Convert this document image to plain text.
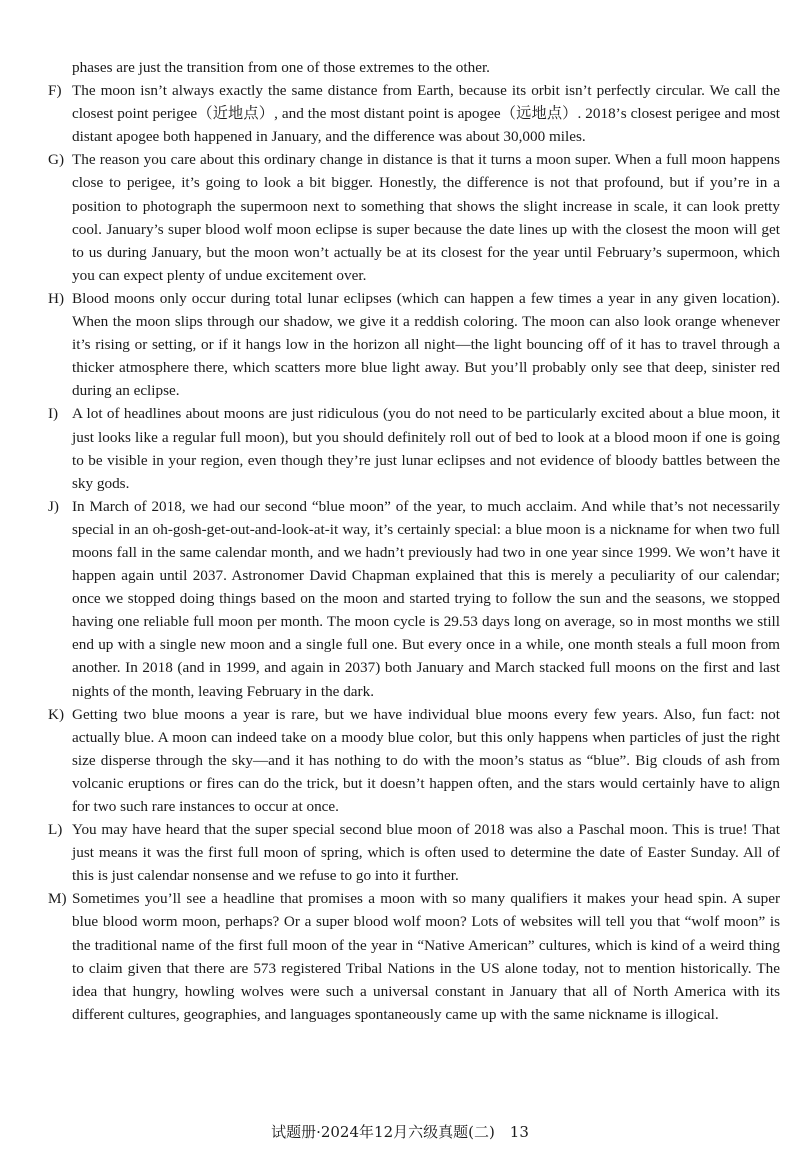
phases are just the transition from one of those extremes to the other.

F) The moon isn’t always exactly the same distance from Earth, because its orbit isn’t perfectly circular. We call the closest point perigee（近地点）, and the most distant point is apogee（远地点）. 2018’s closest perigee and most distant apogee both happened in January, and the difference was about 30,000 miles.
G) The reason you care about this ordinary change in distance is that it turns a moon super. When a full moon happens close to perigee, it’s going to look a bit bigger. Honestly, the difference is not that profound, but if you’re in a position to photograph the supermoon next to something that shows the slight increase in scale, it can look pretty cool. January’s super blood wolf moon eclipse is super because the date lines up with the closest the moon will get to us during January, but the moon won’t actually be at its closest for the year until February’s supermoon, which you can expect plenty of undue excitement over.
H) Blood moons only occur during total lunar eclipses (which can happen a few times a year in any given location). When the moon slips through our shadow, we give it a reddish coloring. The moon can also look orange whenever it’s rising or setting, or if it hangs low in the horizon all night—the light bouncing off of it has to travel through a thicker atmosphere there, which scatters more blue light away. But you’ll probably only see that deep, sinister red during an eclipse.
I) A lot of headlines about moons are just ridiculous (you do not need to be particularly excited about a blue moon, it just looks like a regular full moon), but you should definitely roll out of bed to look at a blood moon if one is going to be visible in your region, even though they’re just lunar eclipses and not evidence of bloody battles between the sky gods.
J) In March of 2018, we had our second “blue moon” of the year, to much acclaim. And while that’s not necessarily special in an oh-gosh-get-out-and-look-at-it way, it’s certainly special: a blue moon is a nickname for when two full moons fall in the same calendar month, and we hadn’t previously had two in one year since 1999. We won’t have it happen again until 2037. Astronomer David Chapman explained that this is merely a peculiarity of our calendar; once we stopped doing things based on the moon and started trying to follow the sun and the seasons, we stopped having one reliable full moon per month. The moon cycle is 29.53 days long on average, so in most months we still end up with a single new moon and a single full one. But every once in a while, one month steals a full moon from another. In 2018 (and in 1999, and again in 2037) both January and March stacked full moons on the first and last nights of the month, leaving February in the dark.
K) Getting two blue moons a year is rare, but we have individual blue moons every few years. Also, fun fact: not actually blue. A moon can indeed take on a moody blue color, but this only happens when particles of just the right size disperse through the sky—and it has nothing to do with the moon’s status as “blue”. Big clouds of ash from volcanic eruptions or fires can do the trick, but it doesn’t happen often, and the stars would certainly have to align for two such rare instances to occur at once.
L) You may have heard that the super special second blue moon of 2018 was also a Paschal moon. This is true! That just means it was the first full moon of spring, which is often used to determine the date of Easter Sunday. All of this is just calendar nonsense and we refuse to go into it further.
M) Sometimes you’ll see a headline that promises a moon with so many qualifiers it makes your head spin. A super blue blood worm moon, perhaps? Or a super blood wolf moon? Lots of websites will tell you that “wolf moon” is the traditional name of the first full moon of the year in “Native American” cultures, which is kind of a weird thing to claim given that there are 573 registered Tribal Nations in the US alone today, not to mention historically. The idea that hungry, howling wolves were such a universal constant in January that all of North America with its different cultures, geographies, and languages spontaneously came up with the same nickname is illogical.
试题册·2024年12月六级真题(二)　13
